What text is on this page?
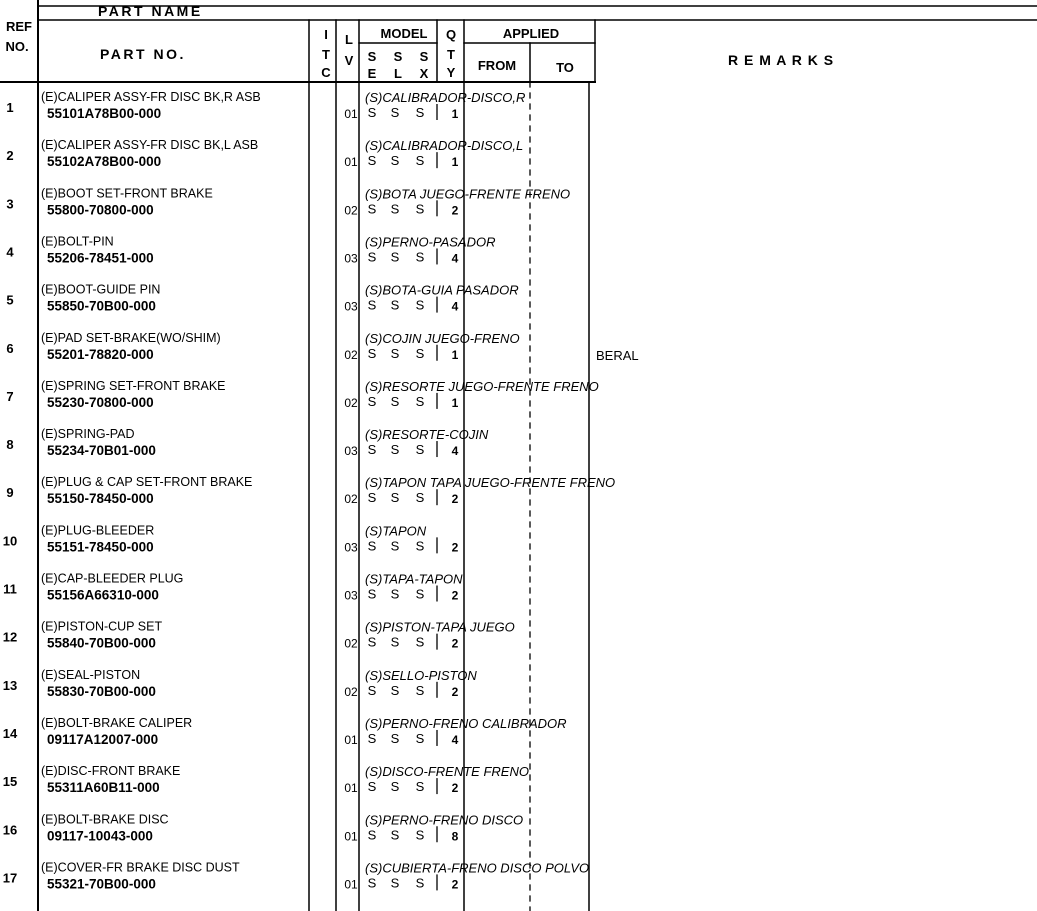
REF
NO.
PART NAME
PART NO.
I
T
C
L
V
MODEL
S
E
S
L
S
X
Q
T
Y
APPLIED
FROM	TO	R E M A R K S
1
(E)CALIPER ASSY-FR DISC BK,R ASB
55101A78B00-000	01
(S)CALIBRADOR-DISCO,R
S S S 1
2
(E)CALIPER ASSY-FR DISC BK,L ASB
55102A78B00-000	01
(S)CALIBRADOR-DISCO,L
S S S 1
3
(E)BOOT SET-FRONT BRAKE
55800-70800-000	02
(S)BOTA JUEGO-FRENTE FRENO
S S S 2
4
(E)BOLT-PIN
55206-78451-000	03
(S)PERNO-PASADOR
S S S 4
5
(E)BOOT-GUIDE PIN
55850-70B00-000	03
(S)BOTA-GUIA PASADOR
S S S 4
6
(E)PAD SET-BRAKE(WO/SHIM)
55201-78820-000	02
(S)COJIN JUEGO-FRENO
S S S 1	BERAL
7
(E)SPRING SET-FRONT BRAKE
55230-70800-000	02
(S)RESORTE JUEGO-FRENTE FRENO
S S S 1
8
(E)SPRING-PAD
55234-70B01-000	03
(S)RESORTE-COJIN
S S S 4
9
(E)PLUG & CAP SET-FRONT BRAKE
55150-78450-000	02
(S)TAPON TAPA JUEGO-FRENTE FRENO
S S S 2
10
(E)PLUG-BLEEDER
55151-78450-000	03
(S)TAPON
S S S 2
11
(E)CAP-BLEEDER PLUG
55156A66310-000	03
(S)TAPA-TAPON
S S S 2
12
(E)PISTON-CUP SET
55840-70B00-000	02
(S)PISTON-TAPA JUEGO
S S S 2
13
(E)SEAL-PISTON
55830-70B00-000	02
(S)SELLO-PISTON
S S S 2
14
(E)BOLT-BRAKE CALIPER
09117A12007-000	01
(S)PERNO-FRENO CALIBRADOR
S S S 4
15
(E)DISC-FRONT BRAKE
55311A60B11-000	01
(S)DISCO-FRENTE FRENO
S S S 2
16
(E)BOLT-BRAKE DISC
09117-10043-000	01
(S)PERNO-FRENO DISCO
S S S 8
17
(E)COVER-FR BRAKE DISC DUST
55321-70B00-000	01
(S)CUBIERTA-FRENO DISCO POLVO
S S S 2
